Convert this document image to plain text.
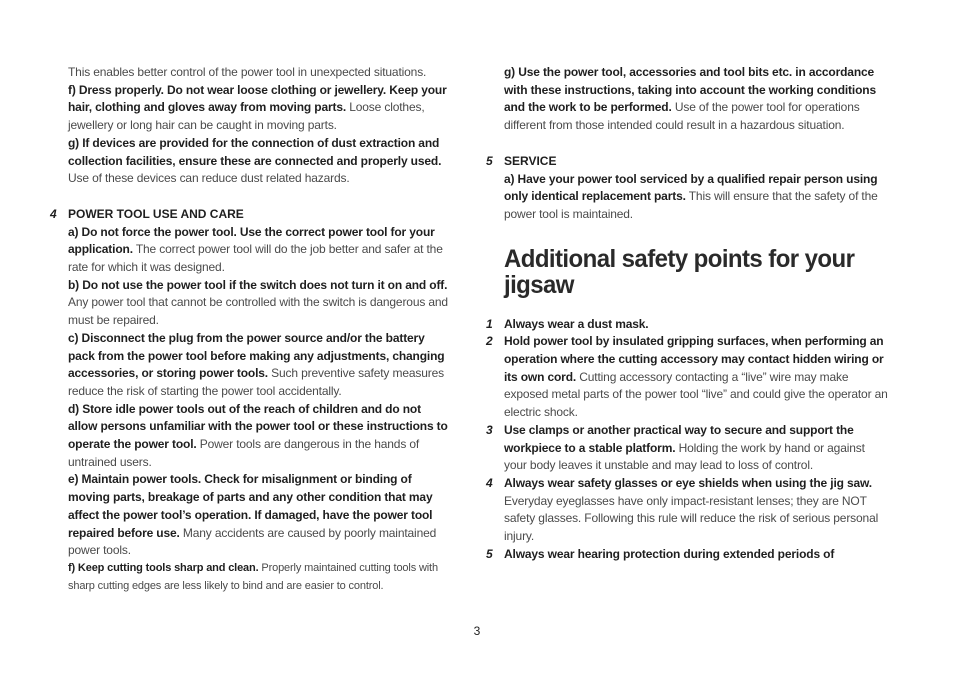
This enables better control of the power tool in unexpected situations.

f) Dress properly. Do not wear loose clothing or jewellery. Keep your hair, clothing and gloves away from moving parts. Loose clothes, jewellery or long hair can be caught in moving parts.

g) If devices are provided for the connection of dust extraction and collection facilities, ensure these are connected and properly used. Use of these devices can reduce dust related hazards.

4 POWER TOOL USE AND CARE

a) Do not force the power tool. Use the correct power tool for your application. The correct power tool will do the job better and safer at the rate for which it was designed.

b) Do not use the power tool if the switch does not turn it on and off. Any power tool that cannot be controlled with the switch is dangerous and must be repaired.

c) Disconnect the plug from the power source and/or the battery pack from the power tool before making any adjustments, changing accessories, or storing power tools. Such preventive safety measures reduce the risk of starting the power tool accidentally.

d) Store idle power tools out of the reach of children and do not allow persons unfamiliar with the power tool or these instructions to operate the power tool. Power tools are dangerous in the hands of untrained users.

e) Maintain power tools. Check for misalignment or binding of moving parts, breakage of parts and any other condition that may affect the power tool’s operation. If damaged, have the power tool repaired before use. Many accidents are caused by poorly maintained power tools.

f) Keep cutting tools sharp and clean. Properly maintained cutting tools with sharp cutting edges are less likely to bind and are easier to control.

g) Use the power tool, accessories and tool bits etc. in accordance with these instructions, taking into account the working conditions and the work to be performed. Use of the power tool for operations different from those intended could result in a hazardous situation.

5 SERVICE

a) Have your power tool serviced by a qualified repair person using only identical replacement parts. This will ensure that the safety of the power tool is maintained.

Additional safety points for your jigsaw

1 Always wear a dust mask.

2 Hold power tool by insulated gripping surfaces, when performing an operation where the cutting accessory may contact hidden wiring or its own cord. Cutting accessory contacting a “live” wire may make exposed metal parts of the power tool “live” and could give the operator an electric shock.

3 Use clamps or another practical way to secure and support the workpiece to a stable platform. Holding the work by hand or against your body leaves it unstable and may lead to loss of control.

4 Always wear safety glasses or eye shields when using the jig saw. Everyday eyeglasses have only impact-resistant lenses; they are NOT safety glasses. Following this rule will reduce the risk of serious personal injury.

5 Always wear hearing protection during extended periods of

3
